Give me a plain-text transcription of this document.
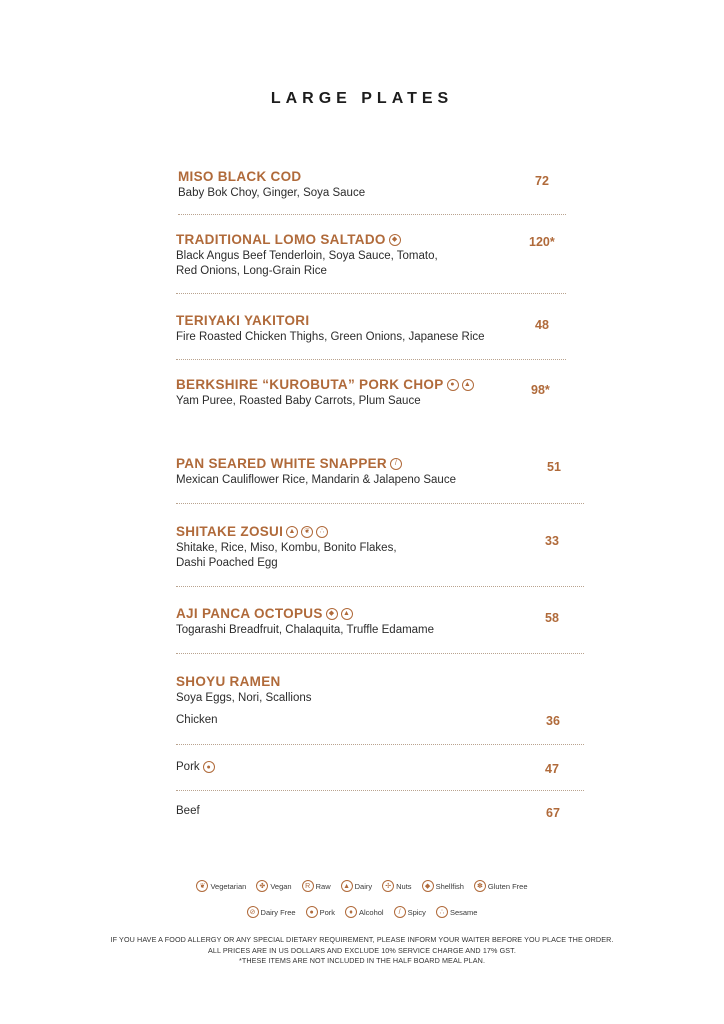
LARGE PLATES
MISO BLACK COD
Baby Bok Choy, Ginger, Soya Sauce
72
TRADITIONAL LOMO SALTADO ◆
Black Angus Beef Tenderloin, Soya Sauce, Tomato,
Red Onions, Long-Grain Rice
120*
TERIYAKI YAKITORI
Fire Roasted Chicken Thighs, Green Onions, Japanese Rice
48
BERKSHIRE “KUROBUTA” PORK CHOP ●	▲
Yam Puree, Roasted Baby Carrots, Plum Sauce
98*
PAN SEARED WHITE SNAPPER	/
Mexican Cauliflower Rice, Mandarin & Jalapeno Sauce
51
SHITAKE ZOSUI ▲	❦	∴
Shitake, Rice, Miso, Kombu, Bonito Flakes,
Dashi Poached Egg
33
AJI PANCA OCTOPUS ◆	▲
Togarashi Breadfruit, Chalaquita, Truffle Edamame
58
SHOYU RAMEN
Soya Eggs, Nori, Scallions
Chicken	36
Pork ●	47
Beef	67
❦ Vegetarian	✤ Vegan	R Raw	▲ Dairy	✢ Nuts	◆ Shellfish	✽ Gluten Free
⊘ Dairy Free	● Pork	♦ Alcohol	/ Spicy	∴ Sesame
IF YOU HAVE A FOOD ALLERGY OR ANY SPECIAL DIETARY REQUIREMENT, PLEASE INFORM YOUR WAITER BEFORE YOU PLACE THE ORDER.
ALL PRICES ARE IN US DOLLARS AND EXCLUDE 10% SERVICE CHARGE AND 17% GST.
*THESE ITEMS ARE NOT INCLUDED IN THE HALF BOARD MEAL PLAN.
